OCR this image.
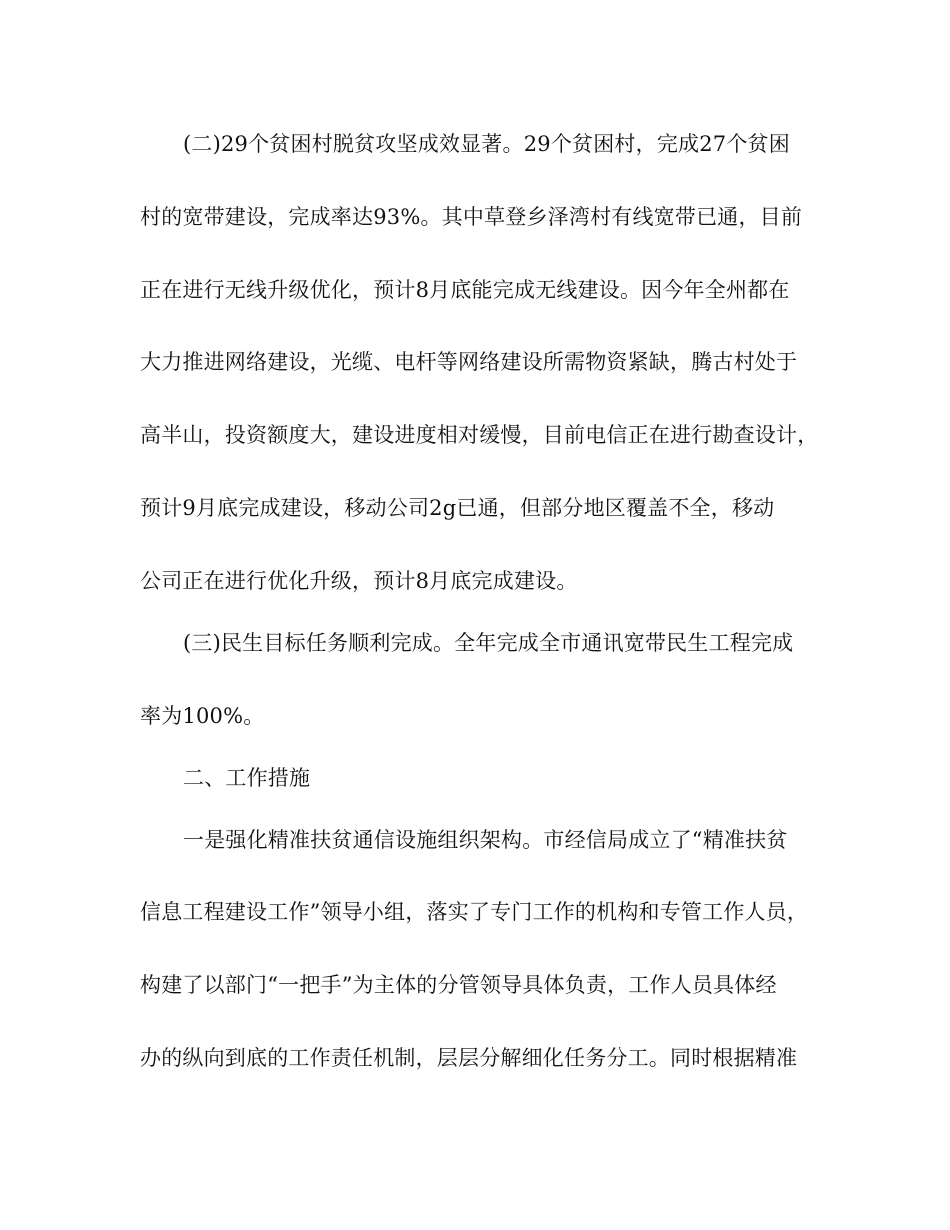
(二)29个贫困村脱贫攻坚成效显著。29个贫困村，完成27个贫困
村的宽带建设，完成率达93%。其中草登乡泽湾村有线宽带已通，目前
正在进行无线升级优化，预计8月底能完成无线建设。因今年全州都在
大力推进网络建设，光缆、电杆等网络建设所需物资紧缺，腾古村处于
高半山，投资额度大，建设进度相对缓慢，目前电信正在进行勘查设计，
预计9月底完成建设，移动公司2g已通，但部分地区覆盖不全，移动
公司正在进行优化升级，预计8月底完成建设。
(三)民生目标任务顺利完成。全年完成全市通讯宽带民生工程完成
率为100%。
二、工作措施
一是强化精准扶贫通信设施组织架构。市经信局成立了“精准扶贫
信息工程建设工作”领导小组，落实了专门工作的机构和专管工作人员，
构建了以部门“一把手”为主体的分管领导具体负责，工作人员具体经
办的纵向到底的工作责任机制，层层分解细化任务分工。同时根据精准
